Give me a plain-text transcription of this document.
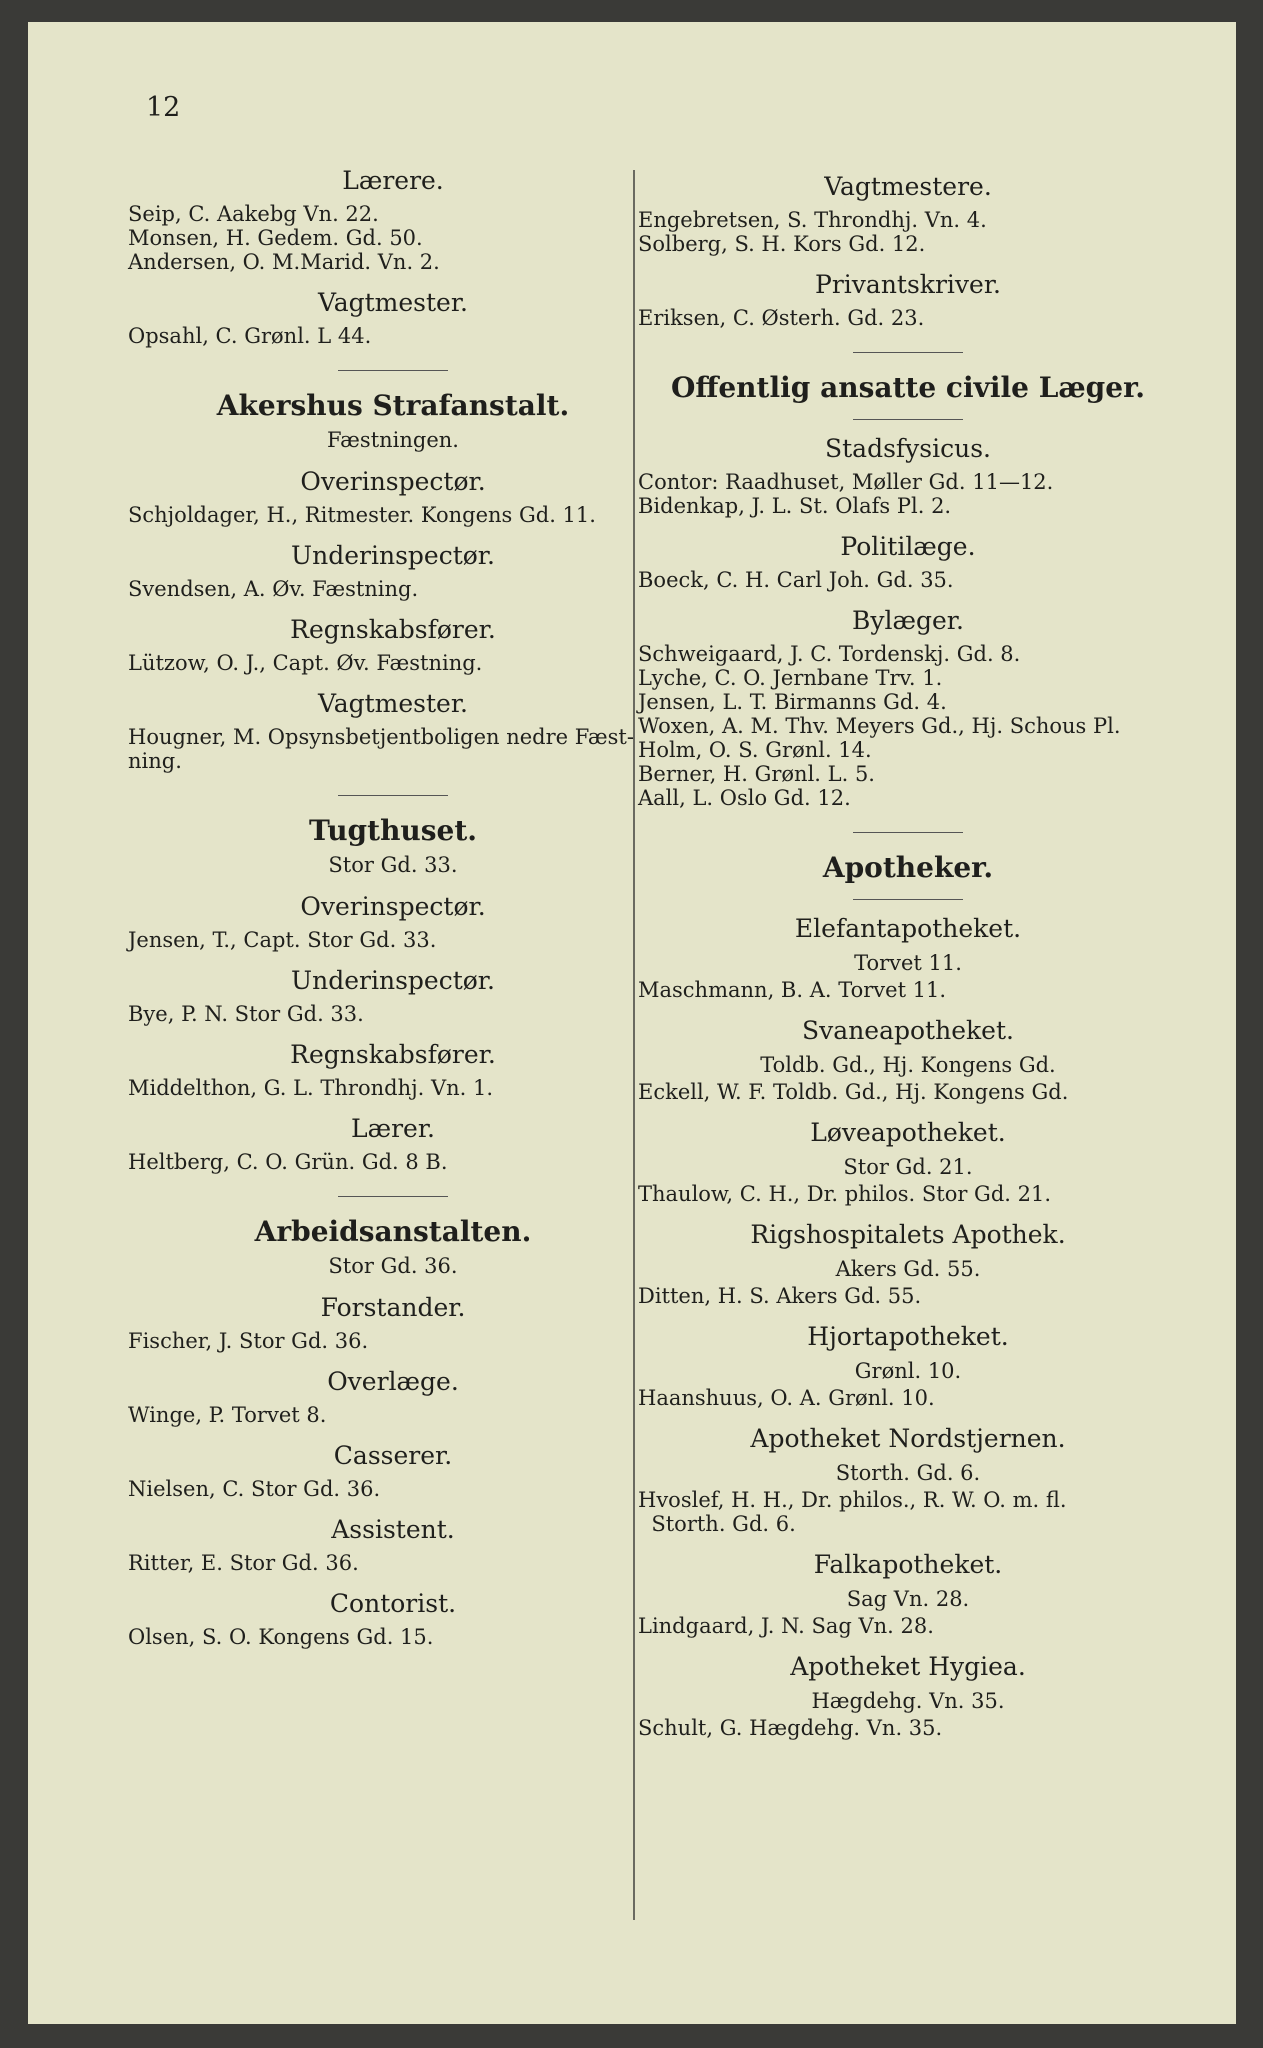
12
Lærere.
Seip, C. Aakebg Vn. 22.
Monsen, H. Gedem. Gd. 50.
Andersen, O. M.Marid. Vn. 2.
Vagtmester.
Opsahl, C. Grønl. L 44.
Akershus Strafanstalt.
Fæstningen.
Overinspectør.
Schjoldager, H., Ritmester. Kongens Gd. 11.
Underinspectør.
Svendsen, A. Øv. Fæstning.
Regnskabsfører.
Lützow, O. J., Capt. Øv. Fæstning.
Vagtmester.
Hougner, M. Opsynsbetjentboligen nedre Fæst-
ning.
Tugthuset.
Stor Gd. 33.
Overinspectør.
Jensen, T., Capt. Stor Gd. 33.
Underinspectør.
Bye, P. N. Stor Gd. 33.
Regnskabsfører.
Middelthon, G. L. Throndhj. Vn. 1.
Lærer.
Heltberg, C. O. Grün. Gd. 8 B.
Arbeidsanstalten.
Stor Gd. 36.
Forstander.
Fischer, J. Stor Gd. 36.
Overlæge.
Winge, P. Torvet 8.
Casserer.
Nielsen, C. Stor Gd. 36.
Assistent.
Ritter, E. Stor Gd. 36.
Contorist.
Olsen, S. O. Kongens Gd. 15.
Vagtmestere.
Engebretsen, S. Throndhj. Vn. 4.
Solberg, S. H. Kors Gd. 12.
Privantskriver.
Eriksen, C. Østerh. Gd. 23.
Offentlig ansatte civile Læger.
Stadsfysicus.
Contor: Raadhuset, Møller Gd. 11—12.
Bidenkap, J. L. St. Olafs Pl. 2.
Politilæge.
Boeck, C. H. Carl Joh. Gd. 35.
Bylæger.
Schweigaard, J. C. Tordenskj. Gd. 8.
Lyche, C. O. Jernbane Trv. 1.
Jensen, L. T. Birmanns Gd. 4.
Woxen, A. M. Thv. Meyers Gd., Hj. Schous Pl.
Holm, O. S. Grønl. 14.
Berner, H. Grønl. L. 5.
Aall, L. Oslo Gd. 12.
Apotheker.
Elefantapotheket.
Torvet 11.
Maschmann, B. A. Torvet 11.
Svaneapotheket.
Toldb. Gd., Hj. Kongens Gd.
Eckell, W. F. Toldb. Gd., Hj. Kongens Gd.
Løveapotheket.
Stor Gd. 21.
Thaulow, C. H., Dr. philos. Stor Gd. 21.
Rigshospitalets Apothek.
Akers Gd. 55.
Ditten, H. S. Akers Gd. 55.
Hjortapotheket.
Grønl. 10.
Haanshuus, O. A. Grønl. 10.
Apotheket Nordstjernen.
Storth. Gd. 6.
Hvoslef, H. H., Dr. philos., R. W. O. m. fl.
Storth. Gd. 6.
Falkapotheket.
Sag Vn. 28.
Lindgaard, J. N. Sag Vn. 28.
Apotheket Hygiea.
Hægdehg. Vn. 35.
Schult, G. Hægdehg. Vn. 35.
